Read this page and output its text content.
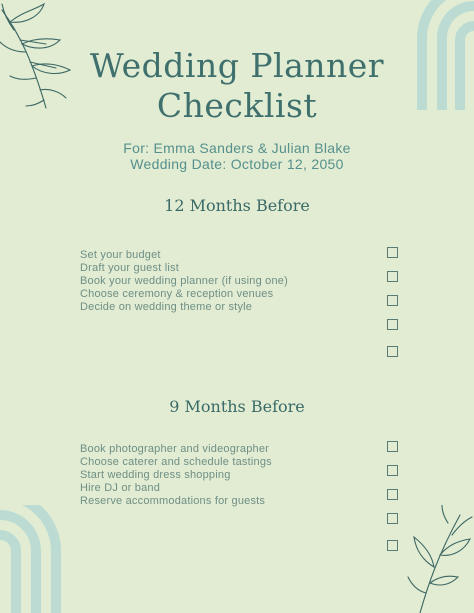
Wedding Planner
Checklist
For: Emma Sanders & Julian Blake
Wedding Date: October 12, 2050
12 Months Before
Set your budget
Draft your guest list
Book your wedding planner (if using one)
Choose ceremony & reception venues
Decide on wedding theme or style
9 Months Before
Book photographer and videographer
Choose caterer and schedule tastings
Start wedding dress shopping
Hire DJ or band
Reserve accommodations for guests
